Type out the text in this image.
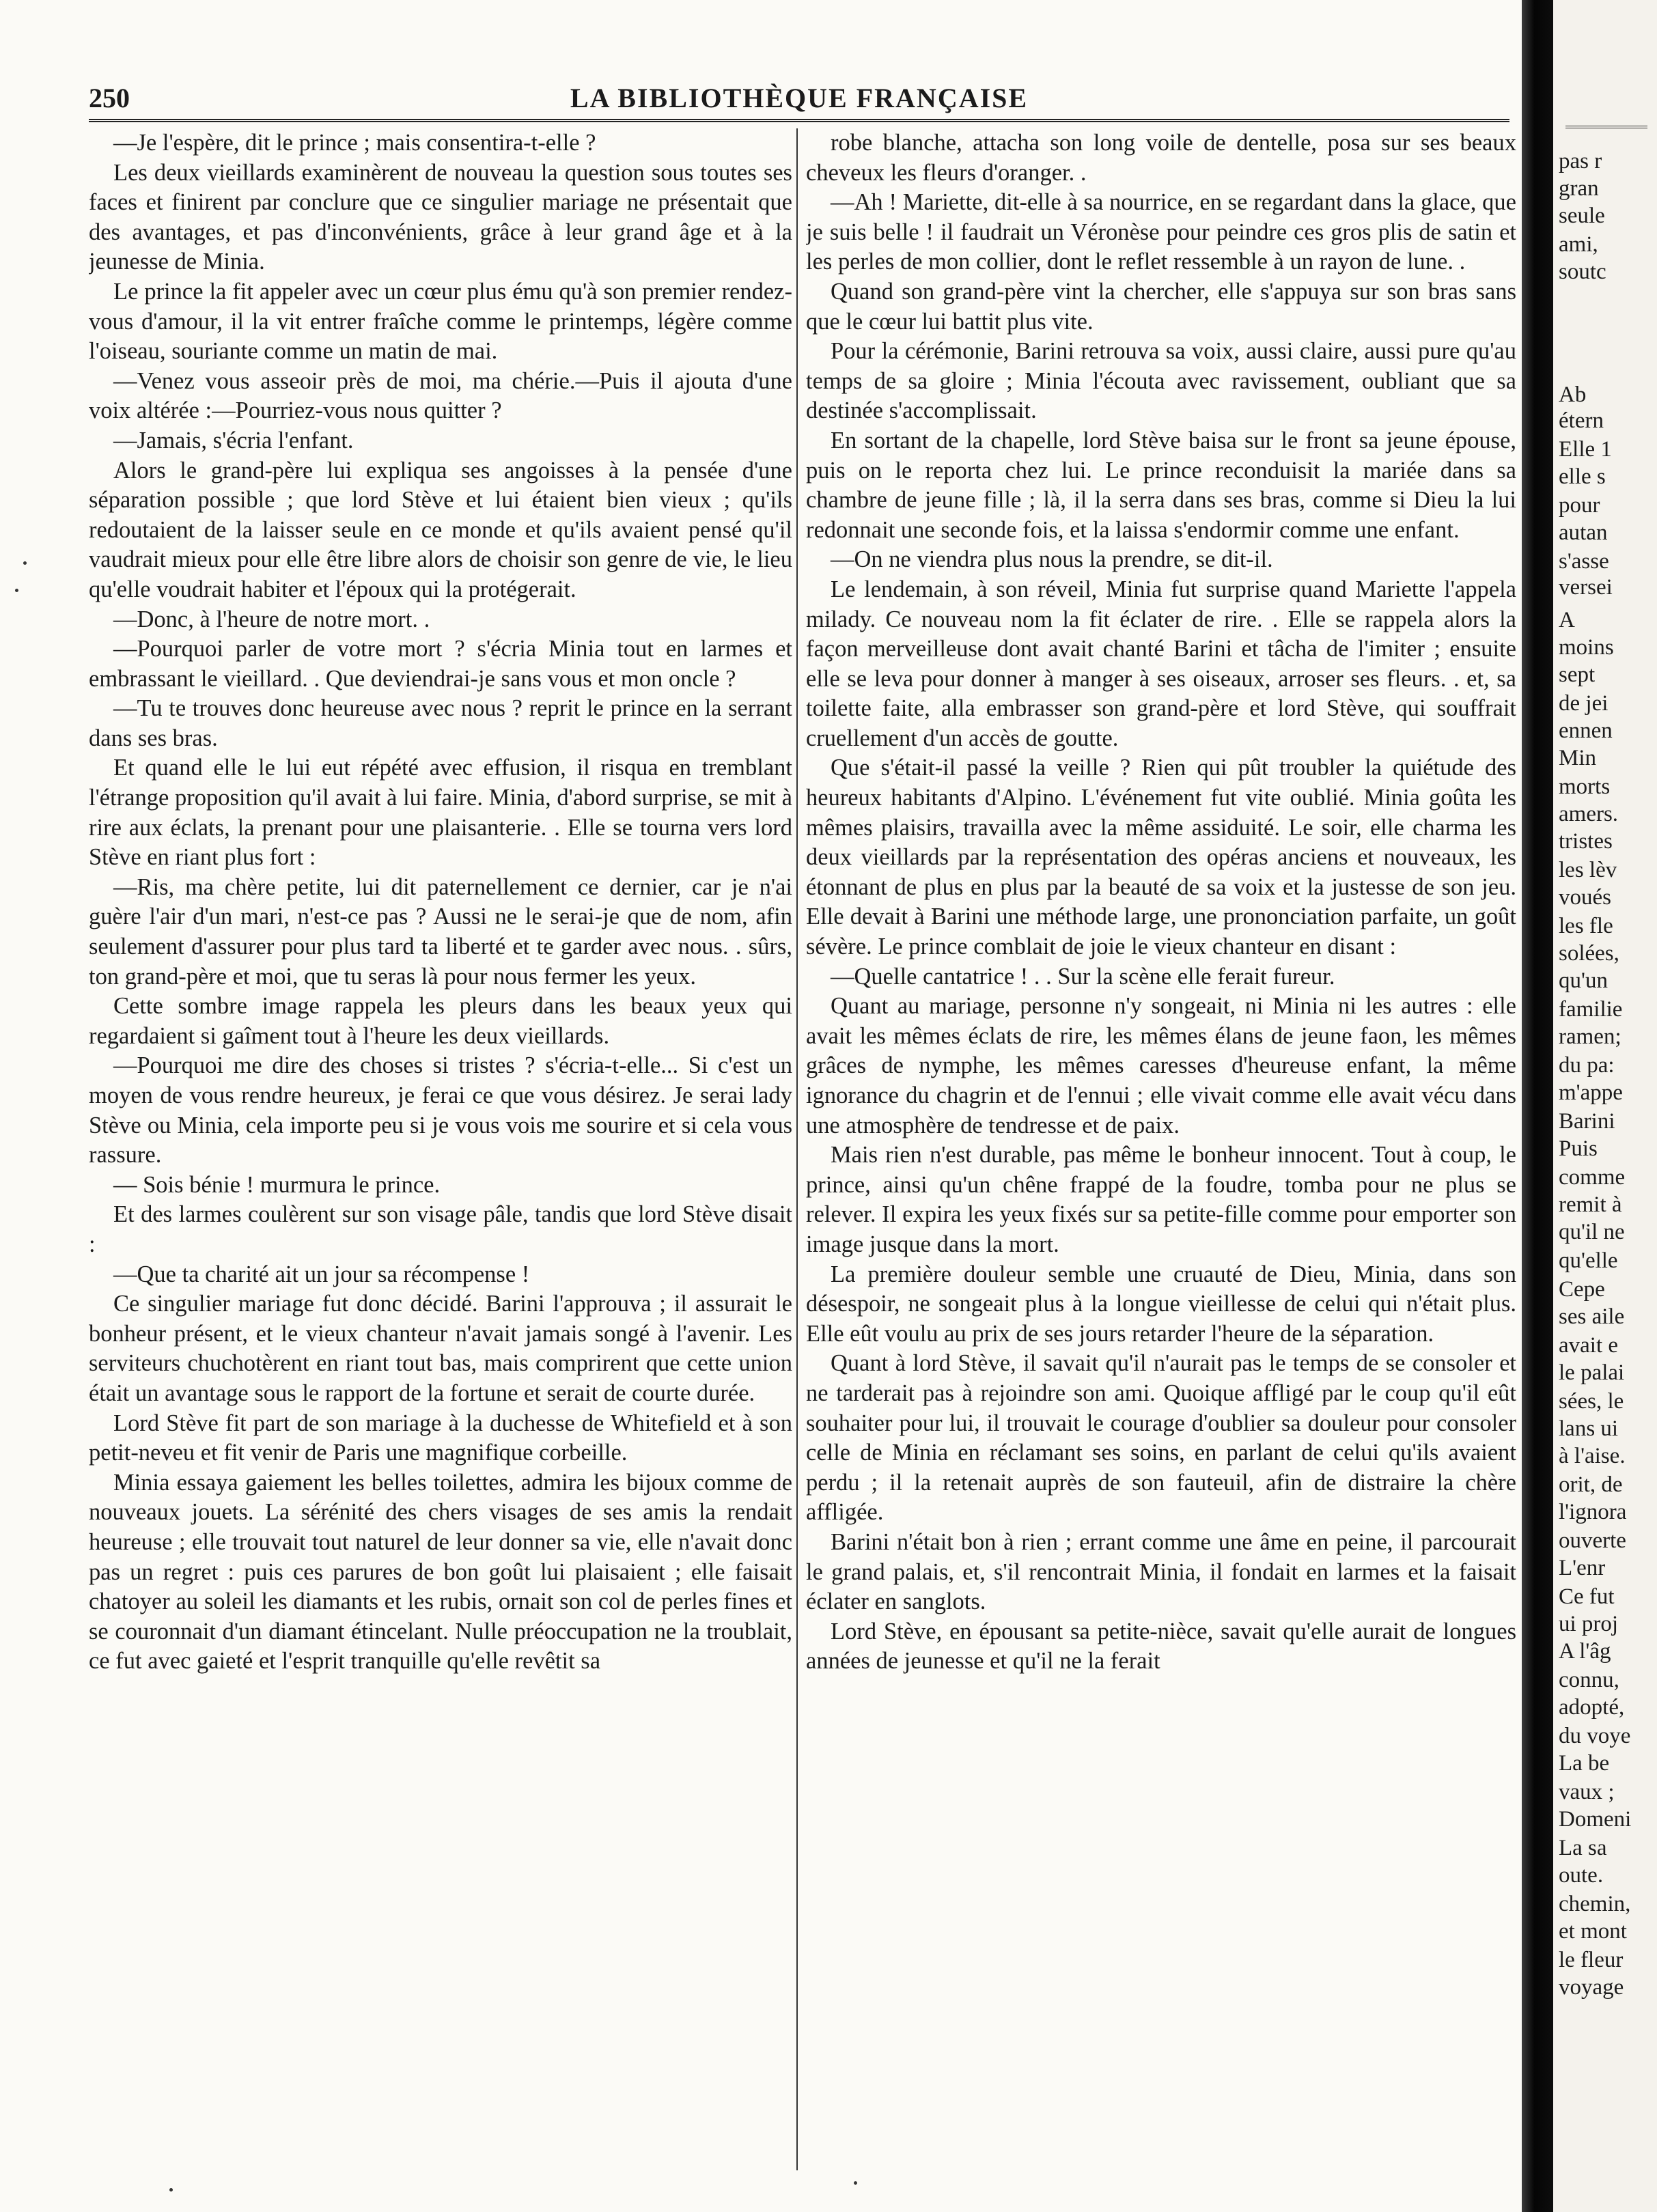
250	LA BIBLIOTHÈQUE FRANÇAISE

—Je l'espère, dit le prince ; mais consentira-t-elle ?

Les deux vieillards examinèrent de nouveau la question sous toutes ses faces et finirent par conclure que ce singulier mariage ne présentait que des avantages, et pas d'inconvénients, grâce à leur grand âge et à la jeunesse de Minia.

Le prince la fit appeler avec un cœur plus ému qu'à son premier rendez-vous d'amour, il la vit entrer fraîche comme le printemps, légère comme l'oiseau, souriante comme un matin de mai.

—Venez vous asseoir près de moi, ma chérie.—Puis il ajouta d'une voix altérée :—Pourriez-vous nous quitter ?

—Jamais, s'écria l'enfant.

Alors le grand-père lui expliqua ses angoisses à la pensée d'une séparation possible ; que lord Stève et lui étaient bien vieux ; qu'ils redoutaient de la laisser seule en ce monde et qu'ils avaient pensé qu'il vaudrait mieux pour elle être libre alors de choisir son genre de vie, le lieu qu'elle voudrait habiter et l'époux qui la protégerait.

—Donc, à l'heure de notre mort. .

—Pourquoi parler de votre mort ? s'écria Minia tout en larmes et embrassant le vieillard. . Que deviendrai-je sans vous et mon oncle ?

—Tu te trouves donc heureuse avec nous ? reprit le prince en la serrant dans ses bras.

Et quand elle le lui eut répété avec effusion, il risqua en tremblant l'étrange proposition qu'il avait à lui faire. Minia, d'abord surprise, se mit à rire aux éclats, la prenant pour une plaisanterie. . Elle se tourna vers lord Stève en riant plus fort :

—Ris, ma chère petite, lui dit paternellement ce dernier, car je n'ai guère l'air d'un mari, n'est-ce pas ? Aussi ne le serai-je que de nom, afin seulement d'assurer pour plus tard ta liberté et te garder avec nous. . sûrs, ton grand-père et moi, que tu seras là pour nous fermer les yeux.

Cette sombre image rappela les pleurs dans les beaux yeux qui regardaient si gaîment tout à l'heure les deux vieillards.

—Pourquoi me dire des choses si tristes ? s'écria-t-elle... Si c'est un moyen de vous rendre heureux, je ferai ce que vous désirez. Je serai lady Stève ou Minia, cela importe peu si je vous vois me sourire et si cela vous rassure.

— Sois bénie ! murmura le prince.

Et des larmes coulèrent sur son visage pâle, tandis que lord Stève disait :

—Que ta charité ait un jour sa récompense !

Ce singulier mariage fut donc décidé. Barini l'approuva ; il assurait le bonheur présent, et le vieux chanteur n'avait jamais songé à l'avenir. Les serviteurs chuchotèrent en riant tout bas, mais comprirent que cette union était un avantage sous le rapport de la fortune et serait de courte durée.

Lord Stève fit part de son mariage à la duchesse de Whitefield et à son petit-neveu et fit venir de Paris une magnifique corbeille.

Minia essaya gaiement les belles toilettes, admira les bijoux comme de nouveaux jouets. La sérénité des chers visages de ses amis la rendait heureuse ; elle trouvait tout naturel de leur donner sa vie, elle n'avait donc pas un regret : puis ces parures de bon goût lui plaisaient ; elle faisait chatoyer au soleil les diamants et les rubis, ornait son col de perles fines et se couronnait d'un diamant étincelant. Nulle préoccupation ne la troublait, ce fut avec gaieté et l'esprit tranquille qu'elle revêtit sa

robe blanche, attacha son long voile de dentelle, posa sur ses beaux cheveux les fleurs d'oranger. .

—Ah ! Mariette, dit-elle à sa nourrice, en se regardant dans la glace, que je suis belle ! il faudrait un Véronèse pour peindre ces gros plis de satin et les perles de mon collier, dont le reflet ressemble à un rayon de lune. .

Quand son grand-père vint la chercher, elle s'appuya sur son bras sans que le cœur lui battit plus vite.

Pour la cérémonie, Barini retrouva sa voix, aussi claire, aussi pure qu'au temps de sa gloire ; Minia l'écouta avec ravissement, oubliant que sa destinée s'accomplissait.

En sortant de la chapelle, lord Stève baisa sur le front sa jeune épouse, puis on le reporta chez lui. Le prince reconduisit la mariée dans sa chambre de jeune fille ; là, il la serra dans ses bras, comme si Dieu la lui redonnait une seconde fois, et la laissa s'endormir comme une enfant.

—On ne viendra plus nous la prendre, se dit-il.

Le lendemain, à son réveil, Minia fut surprise quand Mariette l'appela milady. Ce nouveau nom la fit éclater de rire. . Elle se rappela alors la façon merveilleuse dont avait chanté Barini et tâcha de l'imiter ; ensuite elle se leva pour donner à manger à ses oiseaux, arroser ses fleurs. . et, sa toilette faite, alla embrasser son grand-père et lord Stève, qui souffrait cruellement d'un accès de goutte.

Que s'était-il passé la veille ? Rien qui pût troubler la quiétude des heureux habitants d'Alpino. L'événement fut vite oublié. Minia goûta les mêmes plaisirs, travailla avec la même assiduité. Le soir, elle charma les deux vieillards par la représentation des opéras anciens et nouveaux, les étonnant de plus en plus par la beauté de sa voix et la justesse de son jeu. Elle devait à Barini une méthode large, une prononciation parfaite, un goût sévère. Le prince comblait de joie le vieux chanteur en disant :

—Quelle cantatrice ! . . Sur la scène elle ferait fureur.

Quant au mariage, personne n'y songeait, ni Minia ni les autres : elle avait les mêmes éclats de rire, les mêmes élans de jeune faon, les mêmes grâces de nymphe, les mêmes caresses d'heureuse enfant, la même ignorance du chagrin et de l'ennui ; elle vivait comme elle avait vécu dans une atmosphère de tendresse et de paix.

Mais rien n'est durable, pas même le bonheur innocent. Tout à coup, le prince, ainsi qu'un chêne frappé de la foudre, tomba pour ne plus se relever. Il expira les yeux fixés sur sa petite-fille comme pour emporter son image jusque dans la mort.

La première douleur semble une cruauté de Dieu, Minia, dans son désespoir, ne songeait plus à la longue vieillesse de celui qui n'était plus. Elle eût voulu au prix de ses jours retarder l'heure de la séparation.

Quant à lord Stève, il savait qu'il n'aurait pas le temps de se consoler et ne tarderait pas à rejoindre son ami. Quoique affligé par le coup qu'il eût souhaiter pour lui, il trouvait le courage d'oublier sa douleur pour consoler celle de Minia en réclamant ses soins, en parlant de celui qu'ils avaient perdu ; il la retenait auprès de son fauteuil, afin de distraire la chère affligée.

Barini n'était bon à rien ; errant comme une âme en peine, il parcourait le grand palais, et, s'il rencontrait Minia, il fondait en larmes et la faisait éclater en sanglots.

Lord Stève, en épousant sa petite-nièce, savait qu'elle aurait de longues années de jeunesse et qu'il ne la ferait

pas r
gran
seule
ami,
soutc
Ab
étern
Elle 1
elle s
pour
autan
s'asse
versei
A
moins
sept
de jei
ennen
Min
morts
amers.
tristes
les lèv
voués
les fle
solées,
qu'un
familie
ramen;
du pa:
m'appe
Barini
Puis
comme
remit à
qu'il ne
qu'elle
Cepe
ses aile
avait e
le palai
sées, le
lans ui
à l'aise.
orit, de
l'ignora
ouverte
L'enr
Ce fut
ui proj
A l'âg
connu,
adopté,
du voye
La be
vaux ;
Domeni
La sa
oute.
chemin,
et mont
le fleur
voyage
